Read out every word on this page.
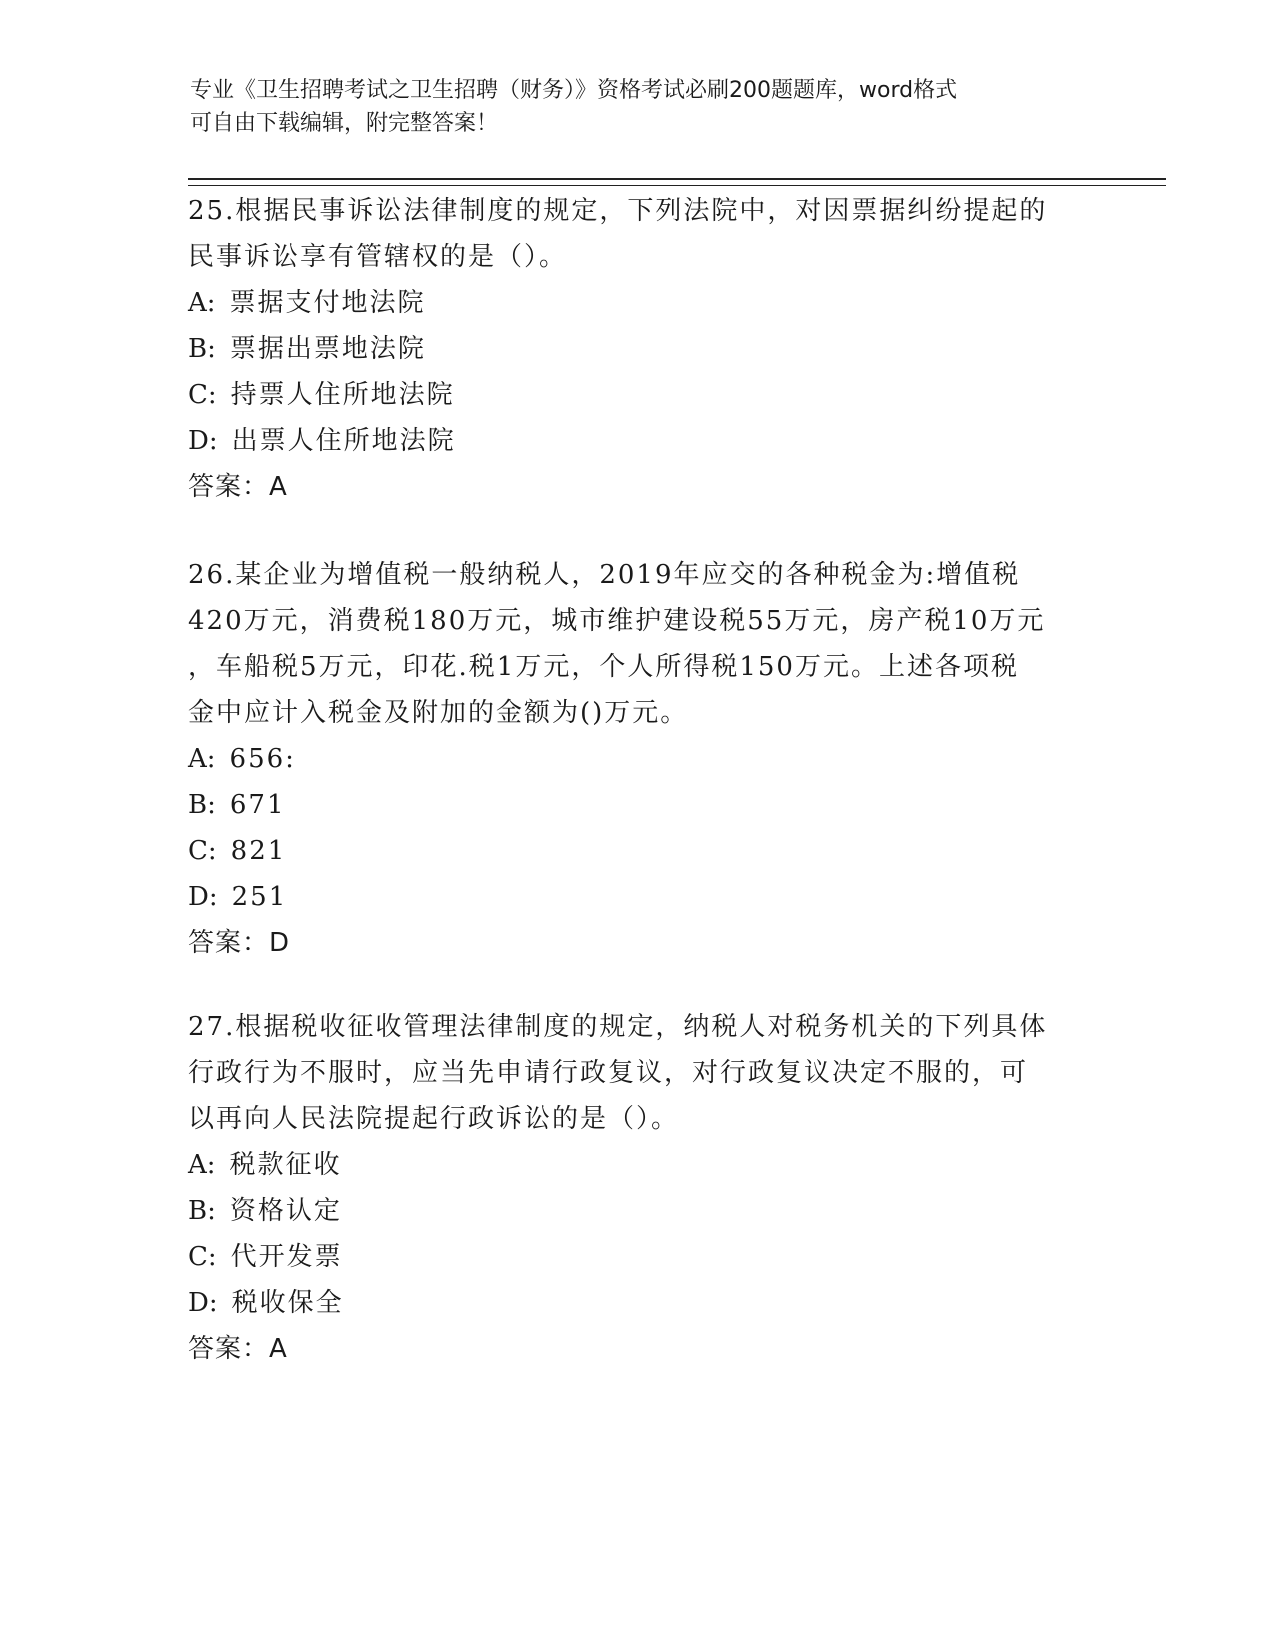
专业《卫生招聘考试之卫生招聘（财务）》资格考试必刷200题题库，word格式
可自由下载编辑，附完整答案！
25.根据民事诉讼法律制度的规定，下列法院中，对因票据纠纷提起的
民事诉讼享有管辖权的是（）。
A: 票据支付地法院
B: 票据出票地法院
C: 持票人住所地法院
D: 出票人住所地法院
答案：A
26.某企业为增值税一般纳税人，2019年应交的各种税金为:增值税
420万元，消费税180万元，城市维护建设税55万元，房产税10万元
，车船税5万元，印花.税1万元，个人所得税150万元。上述各项税
金中应计入税金及附加的金额为()万元。
A: 656:
B: 671
C: 821
D: 251
答案：D
27.根据税收征收管理法律制度的规定，纳税人对税务机关的下列具体
行政行为不服时，应当先申请行政复议，对行政复议决定不服的，可
以再向人民法院提起行政诉讼的是（）。
A: 税款征收
B: 资格认定
C: 代开发票
D: 税收保全
答案：A
